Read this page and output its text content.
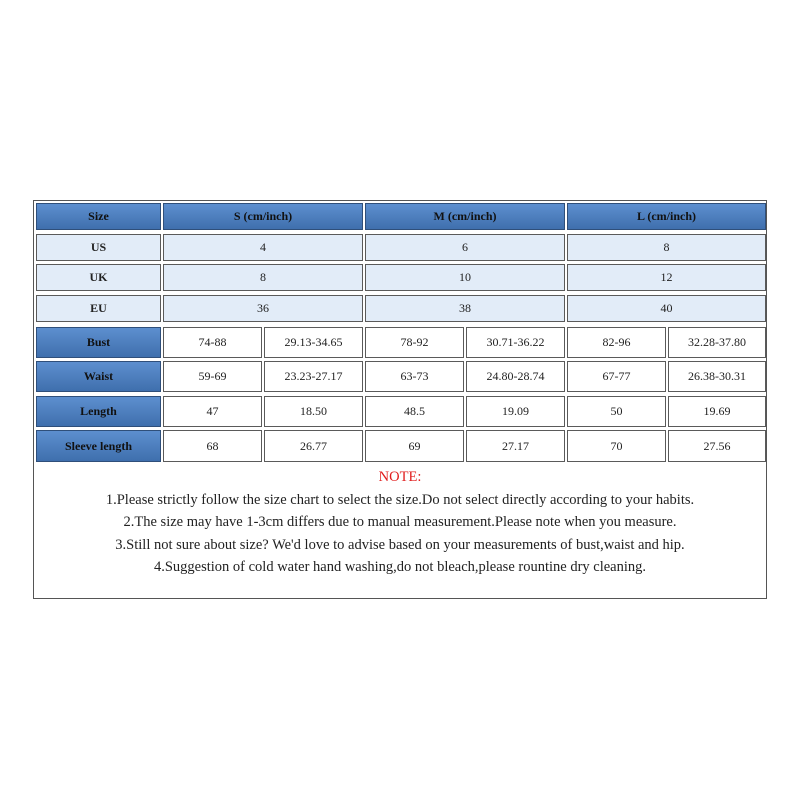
Size	S (cm/inch)	M (cm/inch)	L (cm/inch)
US	4	6	8
UK	8	10	12
EU	36	38	40
Bust	74-88	29.13-34.65	78-92	30.71-36.22	82-96	32.28-37.80
Waist	59-69	23.23-27.17	63-73	24.80-28.74	67-77	26.38-30.31
Length	47	18.50	48.5	19.09	50	19.69
Sleeve length	68	26.77	69	27.17	70	27.56
NOTE:
1.Please strictly follow the size chart to select the size.Do not select directly according to your habits.
2.The size may have 1-3cm differs due to manual measurement.Please note when you measure.
3.Still not sure about size? We'd love to advise based on your measurements of bust,waist and hip.
4.Suggestion of cold water hand washing,do not bleach,please rountine dry cleaning.
